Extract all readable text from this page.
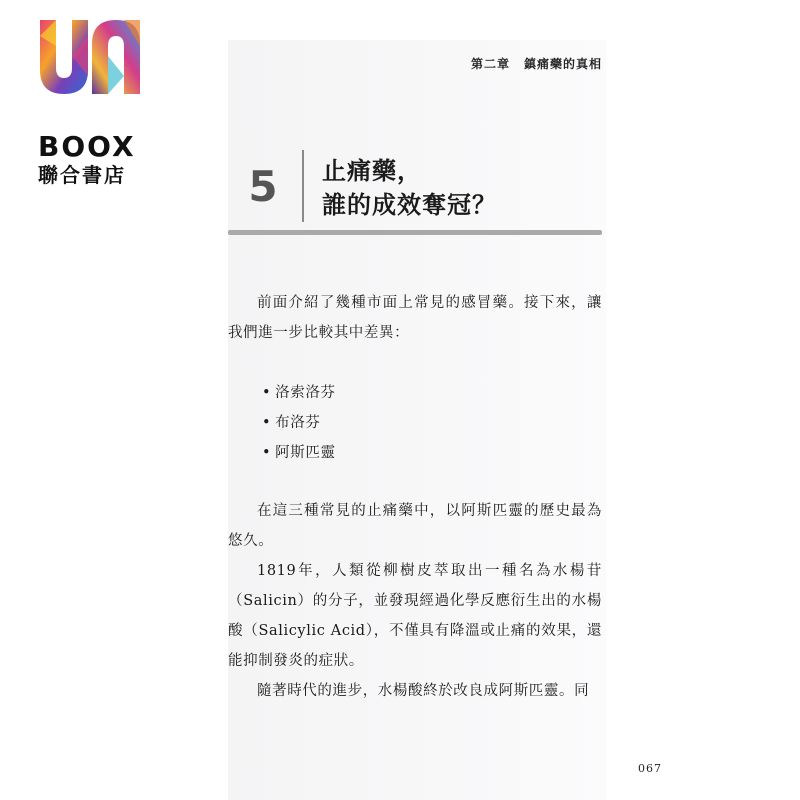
BOOX
聯合書店
第二章 鎮痛藥的真相
5 止痛藥，
誰的成效奪冠？
前面介紹了幾種市面上常見的感冒藥。接下來，讓我們進一步比較其中差異：
• 洛索洛芬
• 布洛芬
• 阿斯匹靈
在這三種常見的止痛藥中，以阿斯匹靈的歷史最為悠久。
1819年，人類從柳樹皮萃取出一種名為水楊苷（Salicin）的分子，並發現經過化學反應衍生出的水楊酸（Salicylic Acid），不僅具有降溫或止痛的效果，還能抑制發炎的症狀。
隨著時代的進步，水楊酸終於改良成阿斯匹靈。同
067
